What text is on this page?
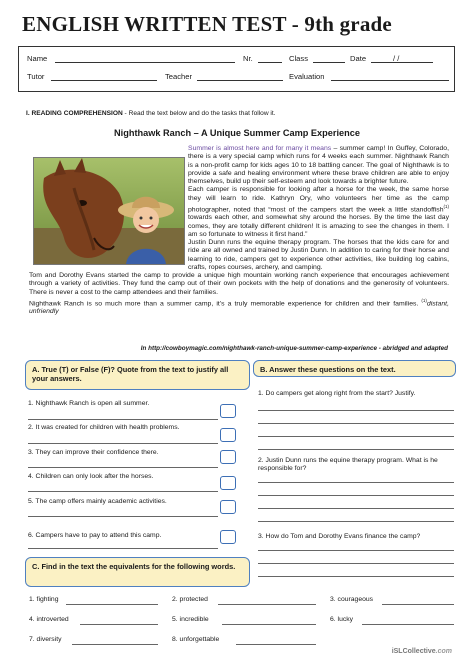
ENGLISH WRITTEN TEST - 9th grade
Name	Nr.	Class	Date	/ /
Tutor	Teacher	Evaluation
I. READING COMPREHENSION - Read the text below and do the tasks that follow it.
Nighthawk Ranch – A Unique Summer Camp Experience

Summer is almost here and for many it means – summer camp! In Guffey, Colorado, there is a very special camp which runs for 4 weeks each summer. Nighthawk Ranch is a non-profit camp for kids ages 10 to 18 battling cancer. The goal of Nighthawk is to provide a safe and healing environment where these brave children are able to enjoy themselves, build up their self-esteem and look towards a brighter future.

Each camper is responsible for looking after a horse for the week, the same horse they will learn to ride. Kathryn Ory, who volunteers her time as the camp photographer, noted that “most of the campers start the week a little standoffish$^{(1)}$ towards each other, and somewhat shy around the horses. By the time the last day comes, they are totally different children! It is amazing to see the changes in them. I am so fortunate to witness it first hand.”

Justin Dunn runs the equine therapy program. The horses that the kids care for and ride are all owned and trained by Justin Dunn. In addition to caring for their horse and learning to ride, campers get to experience other activities, like building log cabins, crafts, ropes courses, archery, and camping.

Tom and Dorothy Evans started the camp to provide a unique high mountain working ranch experience that encourages achievement through a variety of activities. They fund the camp out of their own pockets with the help of donations and the generosity of volunteers. There is never a cost to the camp attendees and their families.

Nighthawk Ranch is so much more than a summer camp, it’s a truly memorable experience for children and their families. $^{(1)}$distant, unfriendly

In http://cowboymagic.com/nighthawk-ranch-unique-summer-camp-experience - abridged and adapted
A. True (T) or False (F)? Quote from the text to justify all your answers.
B. Answer these questions on the text.
1. Nighthawk Ranch is open all summer.
2. It was created for children with health problems.
3. They can improve their confidence there.
4. Children can only look after the horses.
5. The camp offers mainly academic activities.
6. Campers have to pay to attend this camp.
1. Do campers get along right from the start? Justify.
2. Justin Dunn runs the equine therapy program. What is he responsible for?
3. How do Tom and Dorothy Evans finance the camp?
C. Find in the text the equivalents for the following words.
1. fighting	2. protected	3. courageous
4. introverted	5. incredible	6. lucky
7. diversity	8. unforgettable
iSLCollective.com
